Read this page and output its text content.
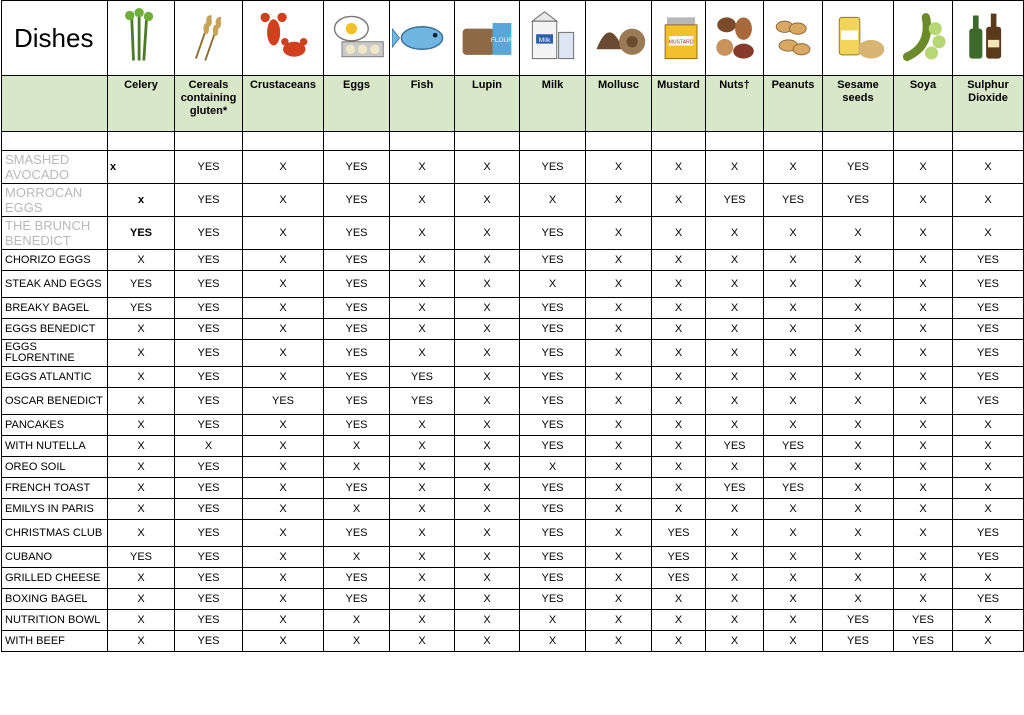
Dishes						FLOUR	Milk		MUSTARD

	Celery	Cereals containing gluten*	Crustaceans	Eggs	Fish	Lupin	Milk	Mollusc	Mustard	Nuts†	Peanuts	Sesame seeds	Soya	Sulphur Dioxide

SMASHED AVOCADO	x	YES	X	YES	X	X	YES	X	X	X	X	YES	X	X
MORROCAN EGGS	x	YES	X	YES	X	X	X	X	X	YES	YES	YES	X	X
THE BRUNCH BENEDICT	YES	YES	X	YES	X	X	YES	X	X	X	X	X	X	X
CHORIZO EGGS	X	YES	X	YES	X	X	YES	X	X	X	X	X	X	YES
STEAK AND EGGS	YES	YES	X	YES	X	X	X	X	X	X	X	X	X	YES
BREAKY BAGEL	YES	YES	X	YES	X	X	YES	X	X	X	X	X	X	YES
EGGS BENEDICT	X	YES	X	YES	X	X	YES	X	X	X	X	X	X	YES
EGGS FLORENTINE	X	YES	X	YES	X	X	YES	X	X	X	X	X	X	YES
EGGS ATLANTIC	X	YES	X	YES	YES	X	YES	X	X	X	X	X	X	YES
OSCAR BENEDICT	X	YES	YES	YES	YES	X	YES	X	X	X	X	X	X	YES
PANCAKES	X	YES	X	YES	X	X	YES	X	X	X	X	X	X	X
WITH NUTELLA	X	X	X	X	X	X	YES	X	X	YES	YES	X	X	X
OREO SOIL	X	YES	X	X	X	X	X	X	X	X	X	X	X	X
FRENCH TOAST	X	YES	X	YES	X	X	YES	X	X	YES	YES	X	X	X
EMILYS IN PARIS	X	YES	X	X	X	X	YES	X	X	X	X	X	X	X
CHRISTMAS CLUB	X	YES	X	YES	X	X	YES	X	YES	X	X	X	X	YES
CUBANO	YES	YES	X	X	X	X	YES	X	YES	X	X	X	X	YES
GRILLED CHEESE	X	YES	X	YES	X	X	YES	X	YES	X	X	X	X	X
BOXING BAGEL	X	YES	X	YES	X	X	YES	X	X	X	X	X	X	YES
NUTRITION BOWL	X	YES	X	X	X	X	X	X	X	X	X	YES	YES	X
WITH BEEF	X	YES	X	X	X	X	X	X	X	X	X	YES	YES	X
